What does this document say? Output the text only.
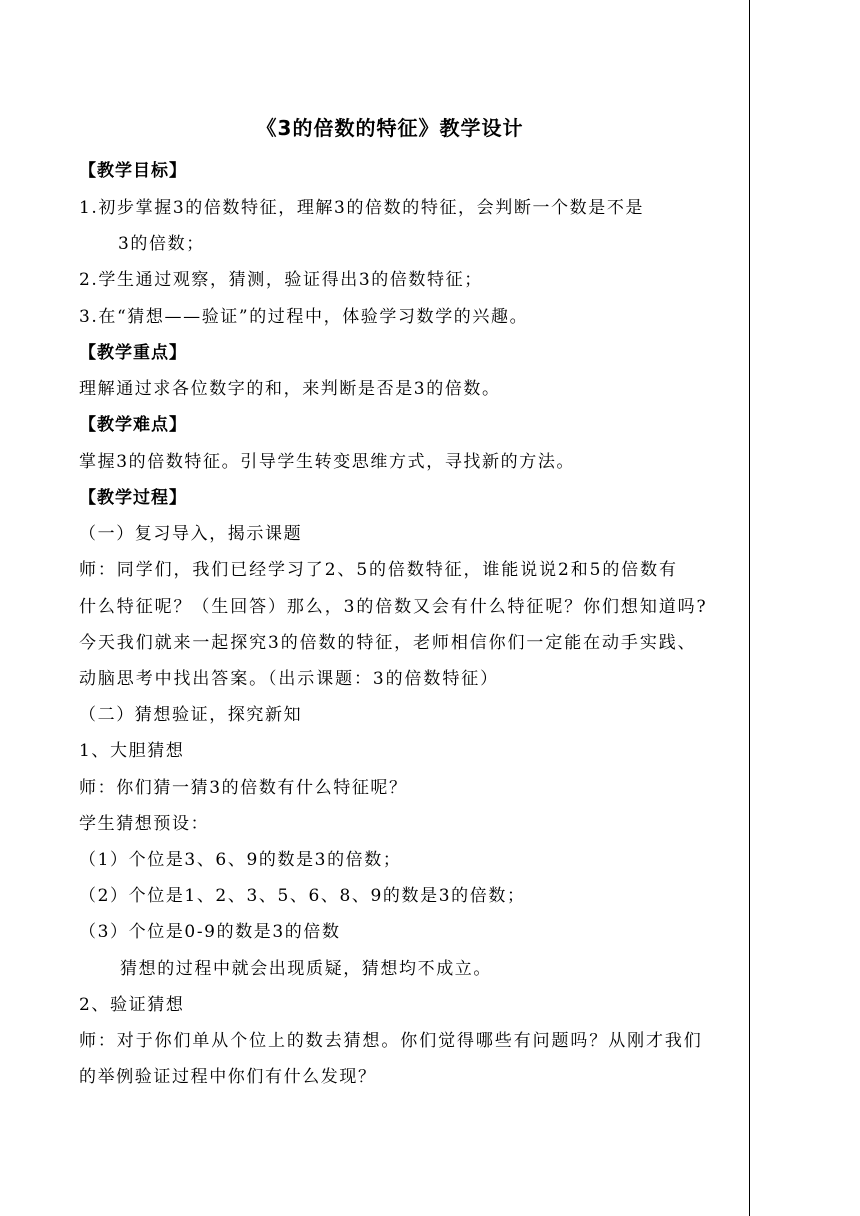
《3的倍数的特征》教学设计
【教学目标】
1.初步掌握3的倍数特征，理解3的倍数的特征，会判断一个数是不是
3的倍数；
2.学生通过观察，猜测，验证得出3的倍数特征；
3.在“猜想——验证”的过程中，体验学习数学的兴趣。
【教学重点】
理解通过求各位数字的和，来判断是否是3的倍数。
【教学难点】
掌握3的倍数特征。引导学生转变思维方式，寻找新的方法。
【教学过程】
（一）复习导入，揭示课题
师：同学们，我们已经学习了2、5的倍数特征，谁能说说2和5的倍数有
什么特征呢？（生回答）那么，3的倍数又会有什么特征呢？你们想知道吗?
今天我们就来一起探究3的倍数的特征，老师相信你们一定能在动手实践、
动脑思考中找出答案。（出示课题：3的倍数特征）
（二）猜想验证，探究新知
1、大胆猜想
师：你们猜一猜3的倍数有什么特征呢？
学生猜想预设：
（1）个位是3、6、9的数是3的倍数；
（2）个位是1、2、3、5、6、8、9的数是3的倍数；
（3）个位是0-9的数是3的倍数
猜想的过程中就会出现质疑，猜想均不成立。
2、验证猜想
师：对于你们单从个位上的数去猜想。你们觉得哪些有问题吗？从刚才我们
的举例验证过程中你们有什么发现？
